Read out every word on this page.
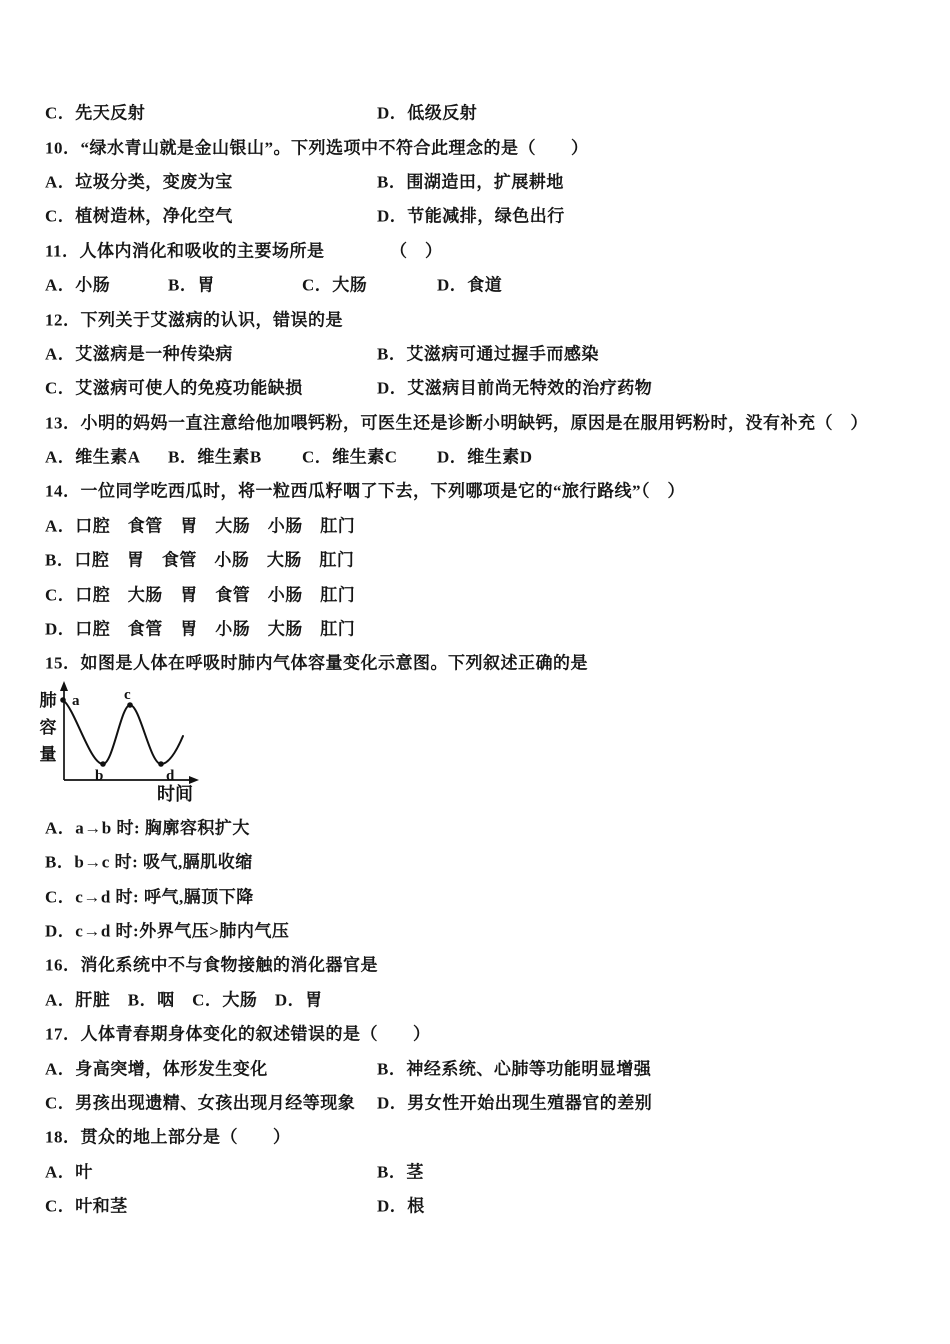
C．先天反射	D．低级反射
10．“绿水青山就是金山银山”。下列选项中不符合此理念的是（　　）
A．垃圾分类，变废为宝	B．围湖造田，扩展耕地
C．植树造林，净化空气	D．节能减排，绿色出行
11．人体内消化和吸收的主要场所是	（　）
A．小肠	B．胃	C．大肠	D．食道
12．下列关于艾滋病的认识，错误的是
A．艾滋病是一种传染病	B．艾滋病可通过握手而感染
C．艾滋病可使人的免疫功能缺损	D．艾滋病目前尚无特效的治疗药物
13．小明的妈妈一直注意给他加喂钙粉，可医生还是诊断小明缺钙，原因是在服用钙粉时，没有补充（　）
A．维生素A B．维生素B C．维生素C D．维生素D
14．一位同学吃西瓜时，将一粒西瓜籽咽了下去，下列哪项是它的“旅行路线”（　）
A．口腔　食管　胃　大肠　小肠　肛门
B．口腔　胃　食管　小肠　大肠　肛门
C．口腔　大肠　胃　食管　小肠　肛门
D．口腔　食管　胃　小肠　大肠　肛门
15．如图是人体在呼吸时肺内气体容量变化示意图。下列叙述正确的是
a
b
c
d
肺
容
量
时间
A．a→b 时: 胸廓容积扩大
B．b→c 时: 吸气,膈肌收缩
C．c→d 时: 呼气,膈顶下降
D．c→d 时:外界气压>肺内气压
16．消化系统中不与食物接触的消化器官是
A．肝脏　B．咽　C．大肠　D．胃
17．人体青春期身体变化的叙述错误的是（　　）
A．身高突增，体形发生变化	B．神经系统、心肺等功能明显增强
C．男孩出现遗精、女孩出现月经等现象 D．男女性开始出现生殖器官的差别
18．贯众的地上部分是（　　）
A．叶	B．茎
C．叶和茎	D．根
